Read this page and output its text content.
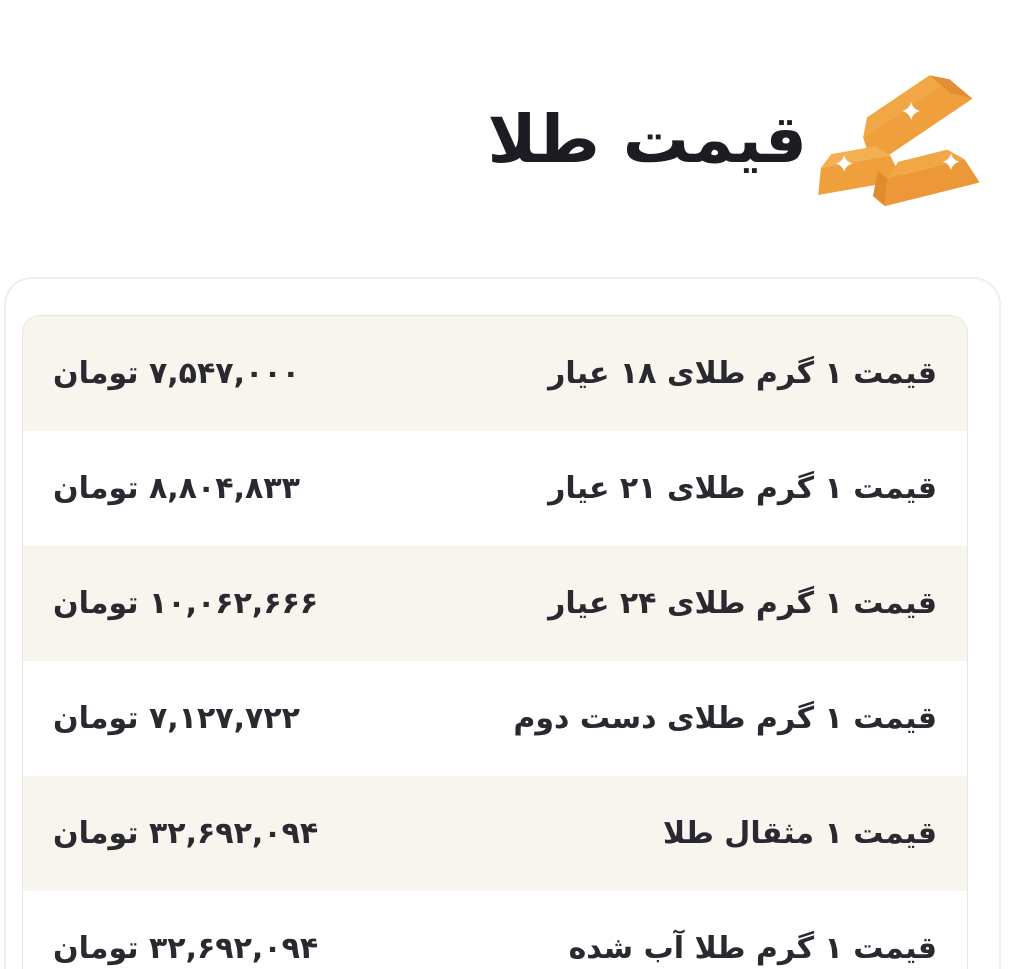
قیمت طلا
قیمت ۱ گرم طلای ۱۸ عیار
۷,۵۴۷,۰۰۰ تومان
قیمت ۱ گرم طلای ۲۱ عیار
۸,۸۰۴,۸۳۳ تومان
قیمت ۱ گرم طلای ۲۴ عیار
۱۰,۰۶۲,۶۶۶ تومان
قیمت ۱ گرم طلای دست دوم
۷,۱۲۷,۷۲۲ تومان
قیمت ۱ مثقال طلا
۳۲,۶۹۲,۰۹۴ تومان
قیمت ۱ گرم طلا آب شده
۳۲,۶۹۲,۰۹۴ تومان
